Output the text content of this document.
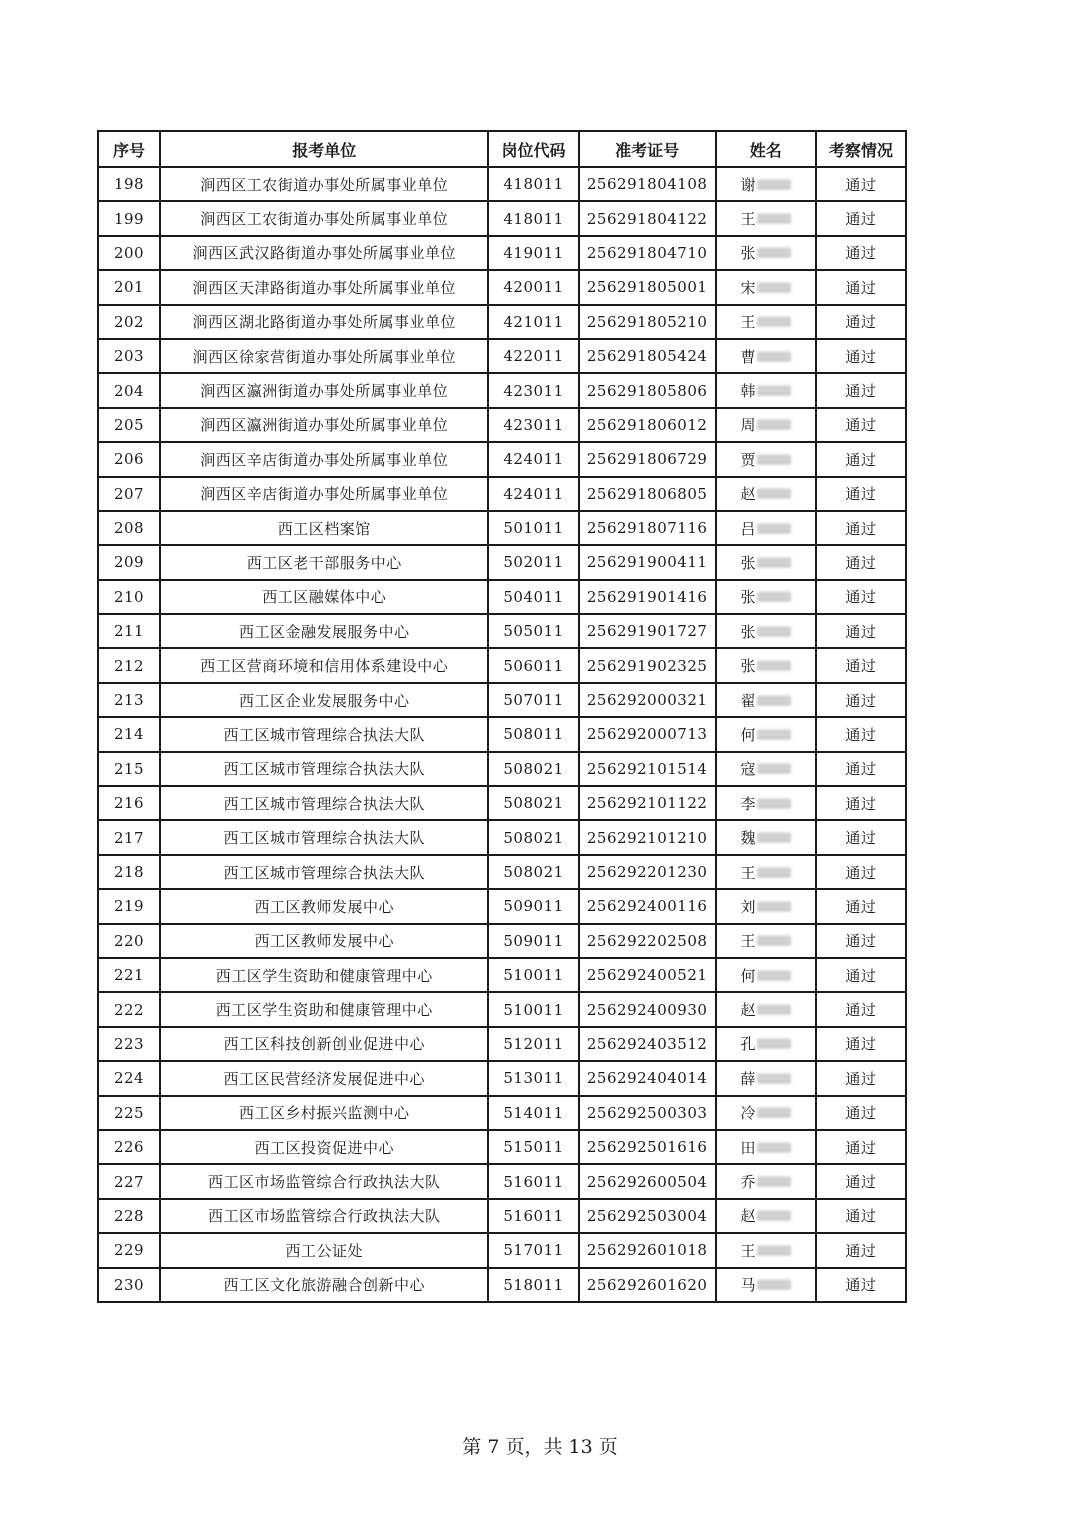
序号	报考单位	岗位代码	准考证号	姓名	考察情况
198	涧西区工农街道办事处所属事业单位	418011	256291804108	谢	通过
199	涧西区工农街道办事处所属事业单位	418011	256291804122	王	通过
200	涧西区武汉路街道办事处所属事业单位	419011	256291804710	张	通过
201	涧西区天津路街道办事处所属事业单位	420011	256291805001	宋	通过
202	涧西区湖北路街道办事处所属事业单位	421011	256291805210	王	通过
203	涧西区徐家营街道办事处所属事业单位	422011	256291805424	曹	通过
204	涧西区瀛洲街道办事处所属事业单位	423011	256291805806	韩	通过
205	涧西区瀛洲街道办事处所属事业单位	423011	256291806012	周	通过
206	涧西区辛店街道办事处所属事业单位	424011	256291806729	贾	通过
207	涧西区辛店街道办事处所属事业单位	424011	256291806805	赵	通过
208	西工区档案馆	501011	256291807116	吕	通过
209	西工区老干部服务中心	502011	256291900411	张	通过
210	西工区融媒体中心	504011	256291901416	张	通过
211	西工区金融发展服务中心	505011	256291901727	张	通过
212	西工区营商环境和信用体系建设中心	506011	256291902325	张	通过
213	西工区企业发展服务中心	507011	256292000321	翟	通过
214	西工区城市管理综合执法大队	508011	256292000713	何	通过
215	西工区城市管理综合执法大队	508021	256292101514	寇	通过
216	西工区城市管理综合执法大队	508021	256292101122	李	通过
217	西工区城市管理综合执法大队	508021	256292101210	魏	通过
218	西工区城市管理综合执法大队	508021	256292201230	王	通过
219	西工区教师发展中心	509011	256292400116	刘	通过
220	西工区教师发展中心	509011	256292202508	王	通过
221	西工区学生资助和健康管理中心	510011	256292400521	何	通过
222	西工区学生资助和健康管理中心	510011	256292400930	赵	通过
223	西工区科技创新创业促进中心	512011	256292403512	孔	通过
224	西工区民营经济发展促进中心	513011	256292404014	薛	通过
225	西工区乡村振兴监测中心	514011	256292500303	冷	通过
226	西工区投资促进中心	515011	256292501616	田	通过
227	西工区市场监管综合行政执法大队	516011	256292600504	乔	通过
228	西工区市场监管综合行政执法大队	516011	256292503004	赵	通过
229	西工公证处	517011	256292601018	王	通过
230	西工区文化旅游融合创新中心	518011	256292601620	马	通过
第 7 页，共 13 页
